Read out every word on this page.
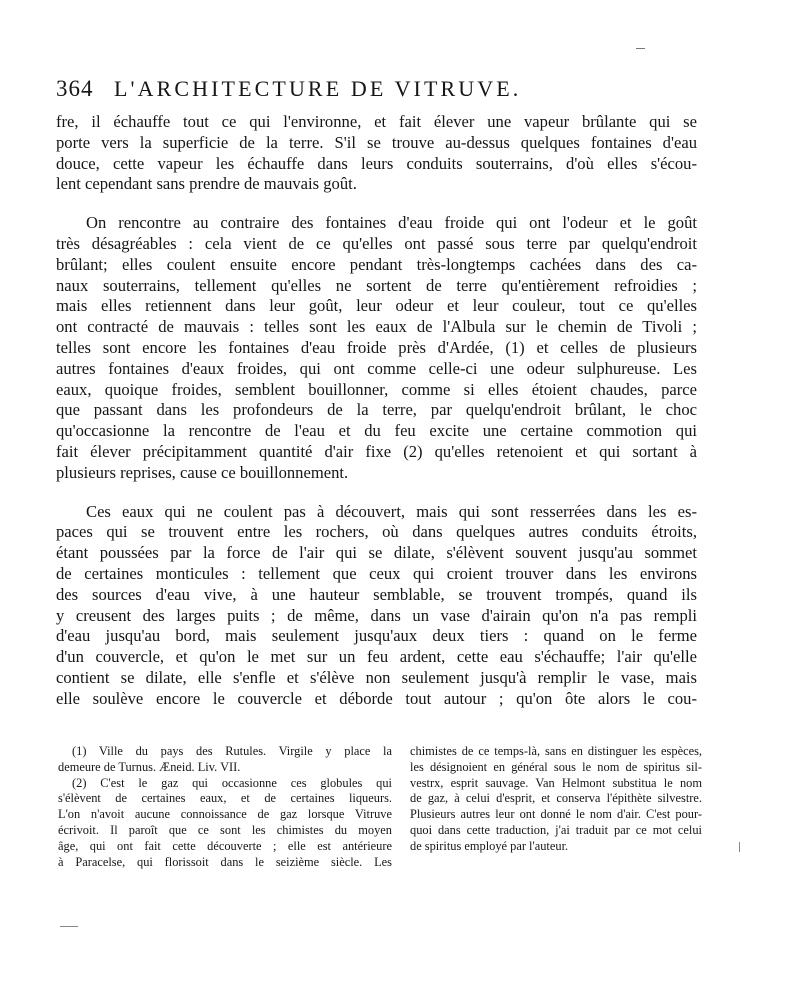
364 L'ARCHITECTURE DE VITRUVE.
fre, il échauffe tout ce qui l'environne, et fait élever une vapeur brûlante qui se
porte vers la superficie de la terre. S'il se trouve au-dessus quelques fontaines d'eau
douce, cette vapeur les échauffe dans leurs conduits souterrains, d'où elles s'écou-
lent cependant sans prendre de mauvais goût.
On rencontre au contraire des fontaines d'eau froide qui ont l'odeur et le goût
très désagréables : cela vient de ce qu'elles ont passé sous terre par quelqu'endroit
brûlant; elles coulent ensuite encore pendant très-longtemps cachées dans des ca-
naux souterrains, tellement qu'elles ne sortent de terre qu'entièrement refroidies ;
mais elles retiennent dans leur goût, leur odeur et leur couleur, tout ce qu'elles
ont contracté de mauvais : telles sont les eaux de l'Albula sur le chemin de Tivoli ;
telles sont encore les fontaines d'eau froide près d'Ardée, (1) et celles de plusieurs
autres fontaines d'eaux froides, qui ont comme celle-ci une odeur sulphureuse. Les
eaux, quoique froides, semblent bouillonner, comme si elles étoient chaudes, parce
que passant dans les profondeurs de la terre, par quelqu'endroit brûlant, le choc
qu'occasionne la rencontre de l'eau et du feu excite une certaine commotion qui
fait élever précipitamment quantité d'air fixe (2) qu'elles retenoient et qui sortant à
plusieurs reprises, cause ce bouillonnement.
Ces eaux qui ne coulent pas à découvert, mais qui sont resserrées dans les es-
paces qui se trouvent entre les rochers, où dans quelques autres conduits étroits,
étant poussées par la force de l'air qui se dilate, s'élèvent souvent jusqu'au sommet
de certaines monticules : tellement que ceux qui croient trouver dans les environs
des sources d'eau vive, à une hauteur semblable, se trouvent trompés, quand ils
y creusent des larges puits ; de même, dans un vase d'airain qu'on n'a pas rempli
d'eau jusqu'au bord, mais seulement jusqu'aux deux tiers : quand on le ferme
d'un couvercle, et qu'on le met sur un feu ardent, cette eau s'échauffe; l'air qu'elle
contient se dilate, elle s'enfle et s'élève non seulement jusqu'à remplir le vase, mais
elle soulève encore le couvercle et déborde tout autour ; qu'on ôte alors le cou-
(1) Ville du pays des Rutules. Virgile y place la
demeure de Turnus. Æneid. Liv. VII.
(2) C'est le gaz qui occasionne ces globules qui
s'élèvent de certaines eaux, et de certaines liqueurs.
L'on n'avoit aucune connoissance de gaz lorsque Vitruve
écrivoit. Il paroît que ce sont les chimistes du moyen
âge, qui ont fait cette découverte ; elle est antérieure
à Paracelse, qui florissoit dans le seizième siècle. Les
chimistes de ce temps-là, sans en distinguer les espèces,
les désignoient en général sous le nom de spiritus sil-
vestrx, esprit sauvage. Van Helmont substitua le nom
de gaz, à celui d'esprit, et conserva l'épithète silvestre.
Plusieurs autres leur ont donné le nom d'air. C'est pour-
quoi dans cette traduction, j'ai traduit par ce mot celui
de spiritus employé par l'auteur.
